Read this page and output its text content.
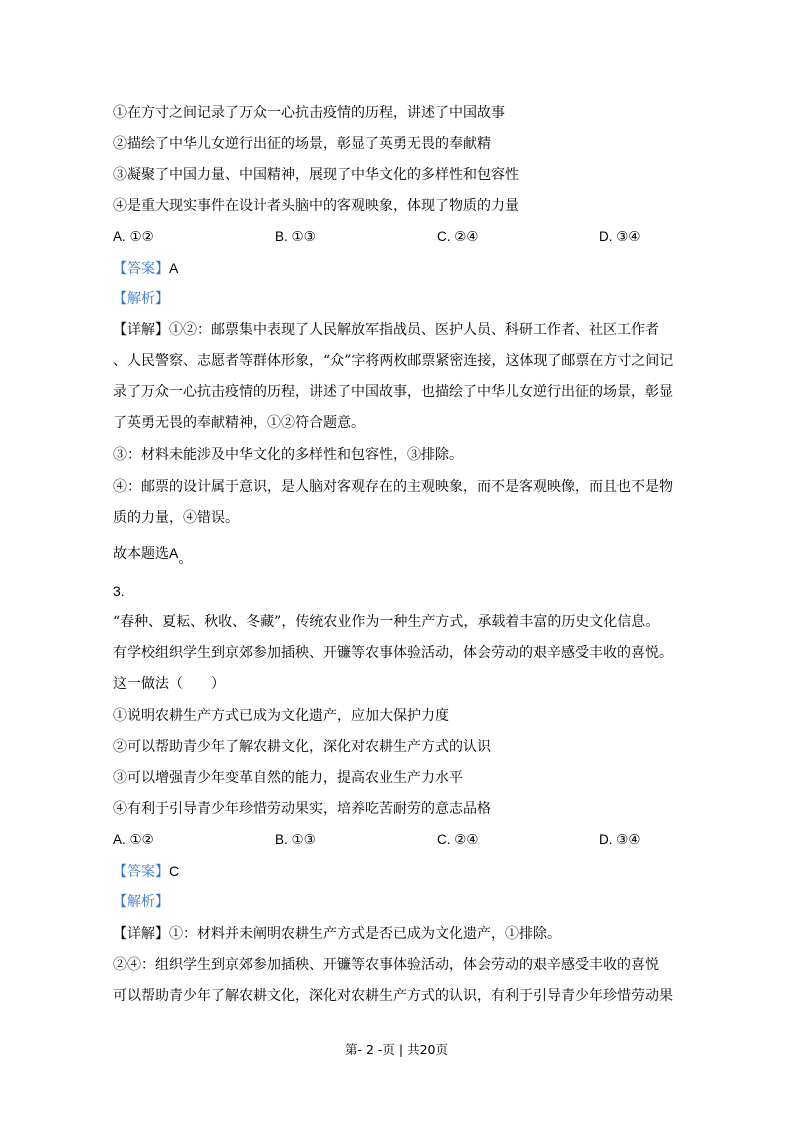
①在方寸之间记录了万众一心抗击疫情的历程，讲述了中国故事
②描绘了中华儿女逆行出征的场景，彰显了英勇无畏的奉献精
③凝聚了中国力量、中国精神，展现了中华文化的多样性和包容性
④是重大现实事件在设计者头脑中的客观映象，体现了物质的力量
A. ①②	B. ①③	C. ②④	D. ③④
【答案】A
【解析】
【详解】①②：邮票集中表现了人民解放军指战员、医护人员、科研工作者、社区工作者
、人民警察、志愿者等群体形象，“众”字将两枚邮票紧密连接，这体现了邮票在方寸之间记
录了万众一心抗击疫情的历程，讲述了中国故事，也描绘了中华儿女逆行出征的场景，彰显
了英勇无畏的奉献精神，①②符合题意。
③：材料未能涉及中华文化的多样性和包容性，③排除。
④：邮票的设计属于意识，是人脑对客观存在的主观映象，而不是客观映像，而且也不是物
质的力量，④错误。
故本题选A。
3.
“春种、夏耘、秋收、冬藏”，传统农业作为一种生产方式，承载着丰富的历史文化信息。
有学校组织学生到京郊参加插秧、开镰等农事体验活动，体会劳动的艰辛感受丰收的喜悦。
这一做法（　　）
①说明农耕生产方式已成为文化遗产，应加大保护力度
②可以帮助青少年了解农耕文化，深化对农耕生产方式的认识
③可以增强青少年变革自然的能力，提高农业生产力水平
④有利于引导青少年珍惜劳动果实，培养吃苦耐劳的意志品格
A. ①②	B. ①③	C. ②④	D. ③④
【答案】C
【解析】
【详解】①：材料并未阐明农耕生产方式是否已成为文化遗产，①排除。
②④：组织学生到京郊参加插秧、开镰等农事体验活动，体会劳动的艰辛感受丰收的喜悦
可以帮助青少年了解农耕文化，深化对农耕生产方式的认识，有利于引导青少年珍惜劳动果
第- 2 -页 | 共20页
